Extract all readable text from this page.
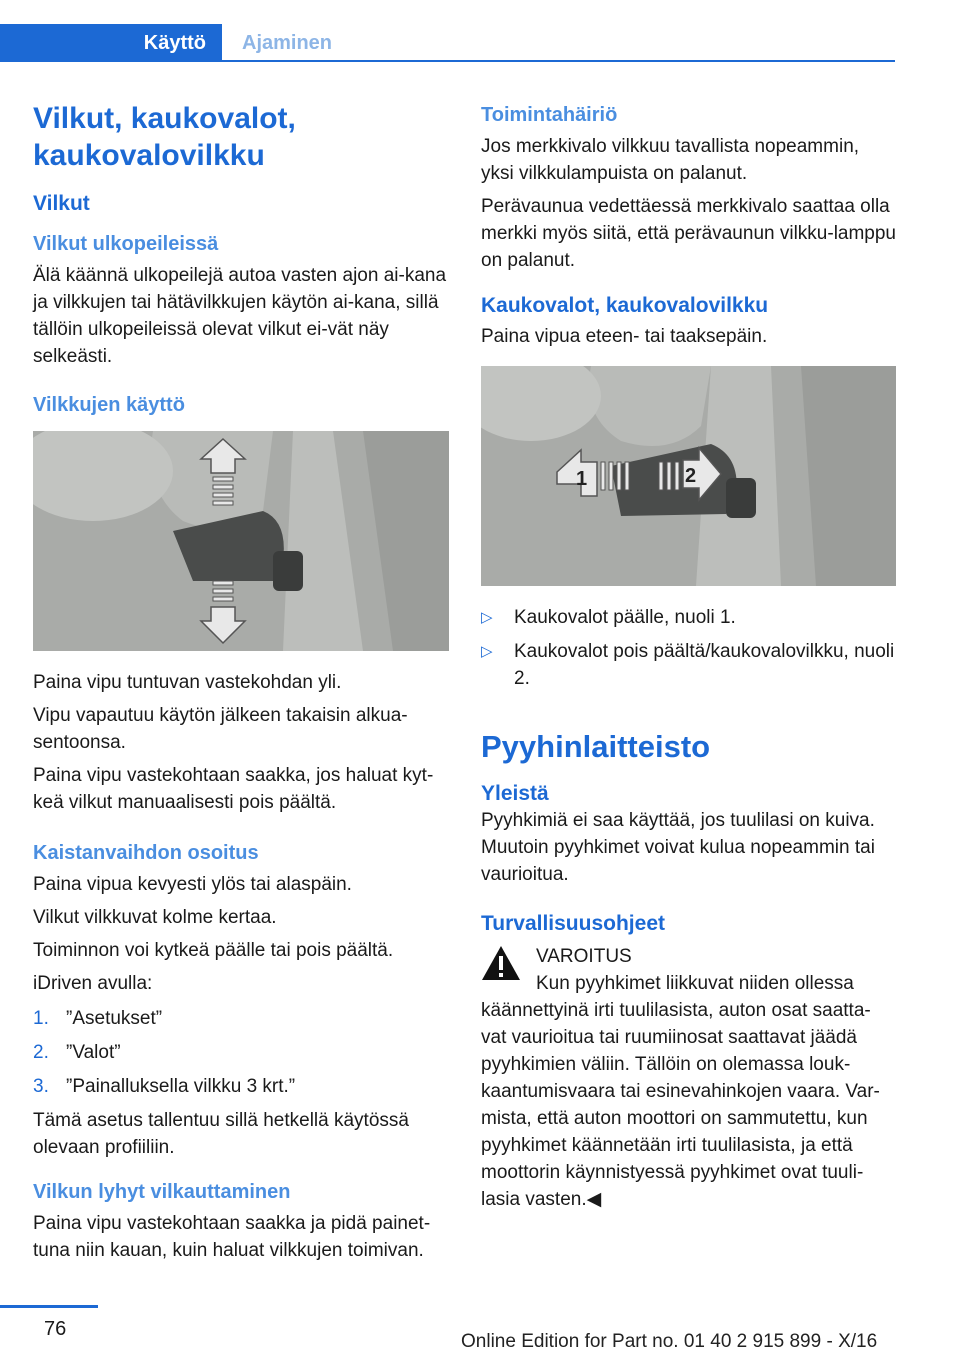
Käyttö	Ajaminen
Vilkut, kaukovalot, kaukovalovilkku
Vilkut
Vilkut ulkopeileissä
Älä käännä ulkopeilejä autoa vasten ajon ai-kana ja vilkkujen tai hätävilkkujen käytön ai-kana, sillä tällöin ulkopeileissä olevat vilkut ei-vät näy selkeästi.
Vilkkujen käyttö
Paina vipu tuntuvan vastekohdan yli.
Vipu vapautuu käytön jälkeen takaisin alkua-sentoonsa.
Paina vipu vastekohtaan saakka, jos haluat kyt-keä vilkut manuaalisesti pois päältä.
Kaistanvaihdon osoitus
Paina vipua kevyesti ylös tai alaspäin.
Vilkut vilkkuvat kolme kertaa.
Toiminnon voi kytkeä päälle tai pois päältä.
iDriven avulla:
1. ”Asetukset”
2. ”Valot”
3. ”Painalluksella vilkku 3 krt.”
Tämä asetus tallentuu sillä hetkellä käytössä olevaan profiiliin.
Vilkun lyhyt vilkauttaminen
Paina vipu vastekohtaan saakka ja pidä painet-tuna niin kauan, kuin haluat vilkkujen toimivan.
Toimintahäiriö
Jos merkkivalo vilkkuu tavallista nopeammin, yksi vilkkulampuista on palanut.
Perävaunua vedettäessä merkkivalo saattaa olla merkki myös siitä, että perävaunun vilkku-lamppu on palanut.
Kaukovalot, kaukovalovilkku
Paina vipua eteen- tai taaksepäin.
1	2
▷ Kaukovalot päälle, nuoli 1.
▷ Kaukovalot pois päältä/kaukovalovilkku, nuoli 2.
Pyyhinlaitteisto
Yleistä
Pyyhkimiä ei saa käyttää, jos tuulilasi on kuiva. Muutoin pyyhkimet voivat kulua nopeammin tai vaurioitua.
Turvallisuusohjeet
VAROITUS
Kun pyyhkimet liikkuvat niiden ollessa
käännettyinä irti tuulilasista, auton osat saatta-vat vaurioitua tai ruumiinosat saattavat jäädä pyyhkimien väliin. Tällöin on olemassa louk-kaantumisvaara tai esinevahinkojen vaara. Var-mista, että auton moottori on sammutettu, kun pyyhkimet käännetään irti tuulilasista, ja että moottorin käynnistyessä pyyhkimet ovat tuuli-lasia vasten.◀
76
Online Edition for Part no. 01 40 2 915 899 - X/16
